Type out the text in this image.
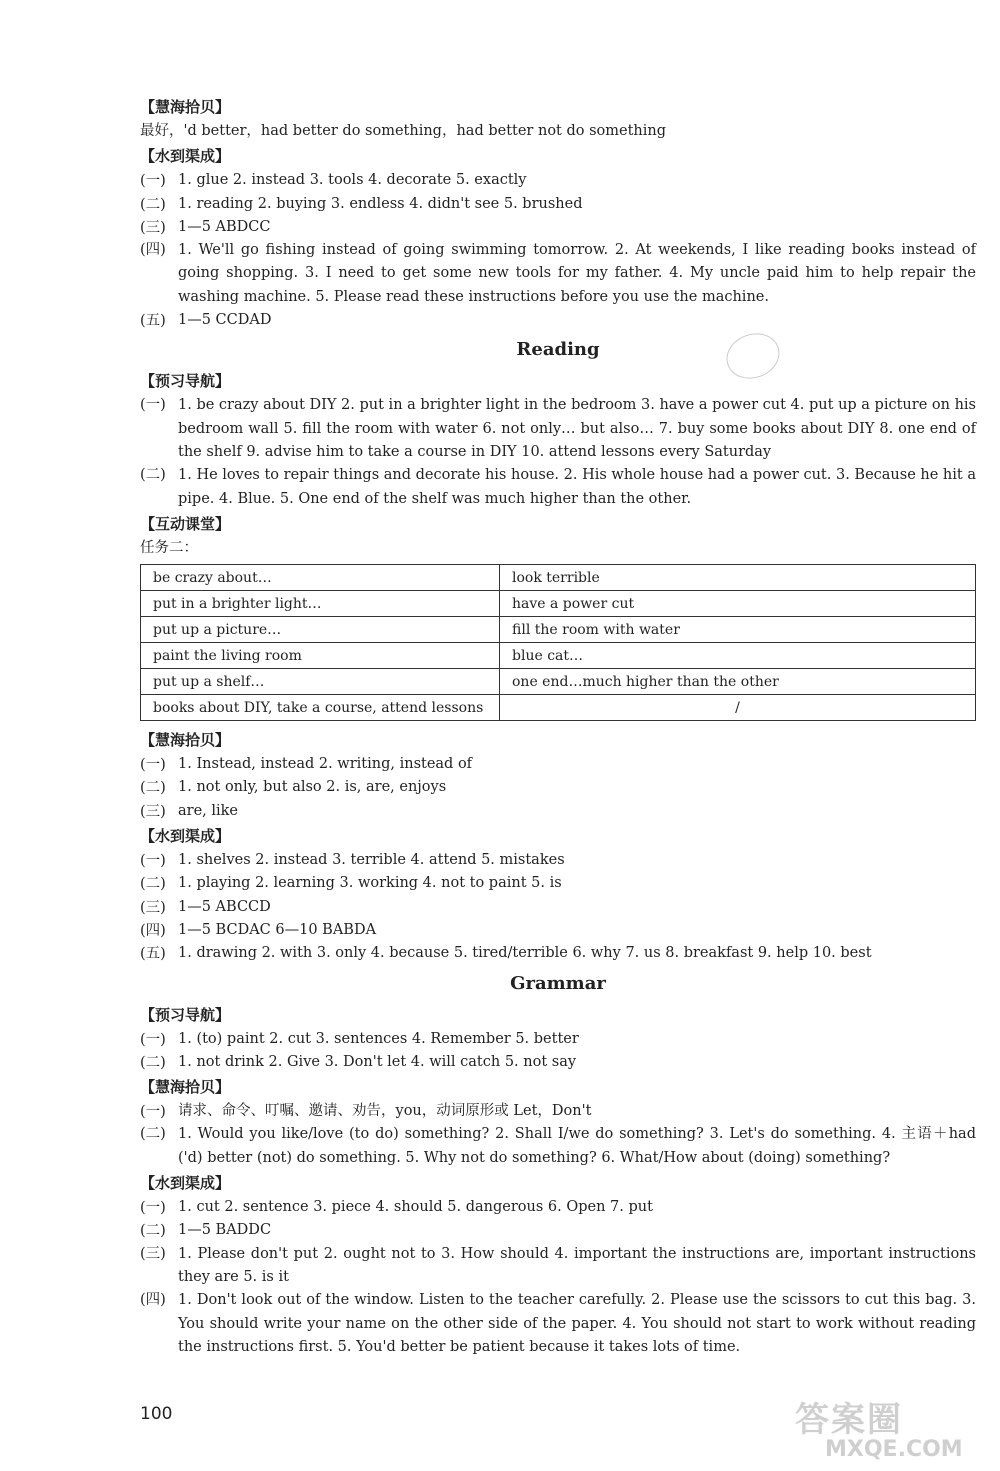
【慧海拾贝】
最好，'d better，had better do something，had better not do something
【水到渠成】
(一) 1. glue 2. instead 3. tools 4. decorate 5. exactly
(二) 1. reading 2. buying 3. endless 4. didn't see 5. brushed
(三) 1—5 ABDCC
(四) 1. We'll go fishing instead of going swimming tomorrow. 2. At weekends, I like reading books instead of going shopping. 3. I need to get some new tools for my father. 4. My uncle paid him to help repair the washing machine. 5. Please read these instructions before you use the machine.
(五) 1—5 CCDAD
Reading
【预习导航】
(一) 1. be crazy about DIY 2. put in a brighter light in the bedroom 3. have a power cut 4. put up a picture on his bedroom wall 5. fill the room with water 6. not only… but also… 7. buy some books about DIY 8. one end of the shelf 9. advise him to take a course in DIY 10. attend lessons every Saturday
(二) 1. He loves to repair things and decorate his house. 2. His whole house had a power cut. 3. Because he hit a pipe. 4. Blue. 5. One end of the shelf was much higher than the other.
【互动课堂】
任务二：
be crazy about…	look terrible
put in a brighter light…	have a power cut
put up a picture…	fill the room with water
paint the living room	blue cat…
put up a shelf…	one end…much higher than the other
books about DIY, take a course, attend lessons	/
【慧海拾贝】
(一) 1. Instead, instead 2. writing, instead of
(二) 1. not only, but also 2. is, are, enjoys
(三) are, like
【水到渠成】
(一) 1. shelves 2. instead 3. terrible 4. attend 5. mistakes
(二) 1. playing 2. learning 3. working 4. not to paint 5. is
(三) 1—5 ABCCD
(四) 1—5 BCDAC 6—10 BABDA
(五) 1. drawing 2. with 3. only 4. because 5. tired/terrible 6. why 7. us 8. breakfast 9. help 10. best
Grammar
【预习导航】
(一) 1. (to) paint 2. cut 3. sentences 4. Remember 5. better
(二) 1. not drink 2. Give 3. Don't let 4. will catch 5. not say
【慧海拾贝】
(一) 请求、命令、叮嘱、邀请、劝告，you，动词原形或 Let，Don't
(二) 1. Would you like/love (to do) something? 2. Shall I/we do something? 3. Let's do something. 4. 主语＋had ('d) better (not) do something. 5. Why not do something? 6. What/How about (doing) something?
【水到渠成】
(一) 1. cut 2. sentence 3. piece 4. should 5. dangerous 6. Open 7. put
(二) 1—5 BADDC
(三) 1. Please don't put 2. ought not to 3. How should 4. important the instructions are, important instructions they are 5. is it
(四) 1. Don't look out of the window. Listen to the teacher carefully. 2. Please use the scissors to cut this bag. 3. You should write your name on the other side of the paper. 4. You should not start to work without reading the instructions first. 5. You'd better be patient because it takes lots of time.
100	答案圈
MXQE.COM
